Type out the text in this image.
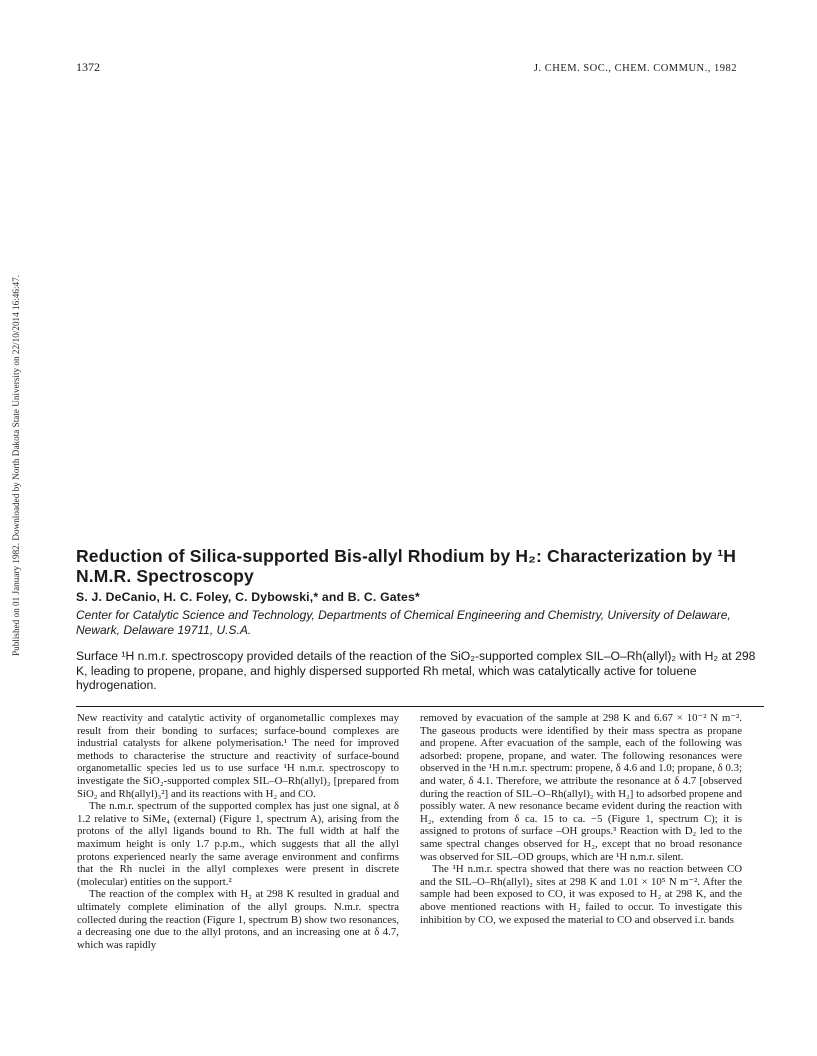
1372	J. CHEM. SOC., CHEM. COMMUN., 1982
Published on 01 January 1982. Downloaded by North Dakota State University on 22/10/2014 16:46:47.	Reduction of Silica-supported Bis-allyl Rhodium by H₂: Characterization by ¹H N.M.R. Spectroscopy
S. J. DeCanio, H. C. Foley, C. Dybowski,* and B. C. Gates*
Center for Catalytic Science and Technology, Departments of Chemical Engineering and Chemistry, University of Delaware, Newark, Delaware 19711, U.S.A.
Surface ¹H n.m.r. spectroscopy provided details of the reaction of the SiO₂-supported complex SIL–O–Rh(allyl)₂ with H₂ at 298 K, leading to propene, propane, and highly dispersed supported Rh metal, which was catalytically active for toluene hydrogenation.

New reactivity and catalytic activity of organometallic complexes may result from their bonding to surfaces; surface-bound complexes are industrial catalysts for alkene polymerisation.¹ The need for improved methods to characterise the structure and reactivity of surface-bound organometallic species led us to use surface ¹H n.m.r. spectroscopy to investigate the SiO₂-supported complex SIL–O–Rh(allyl)₂ [prepared from SiO₂ and Rh(allyl)₃²] and its reactions with H₂ and CO.

The n.m.r. spectrum of the supported complex has just one signal, at δ 1.2 relative to SiMe₄ (external) (Figure 1, spectrum A), arising from the protons of the allyl ligands bound to Rh. The full width at half the maximum height is only 1.7 p.p.m., which suggests that all the allyl protons experienced nearly the same average environment and confirms that the Rh nuclei in the allyl complexes were present in discrete (molecular) entities on the support.²

The reaction of the complex with H₂ at 298 K resulted in gradual and ultimately complete elimination of the allyl groups. N.m.r. spectra collected during the reaction (Figure 1, spectrum B) show two resonances, a decreasing one due to the allyl protons, and an increasing one at δ 4.7, which was rapidly

removed by evacuation of the sample at 298 K and 6.67 × 10⁻² N m⁻². The gaseous products were identified by their mass spectra as propane and propene. After evacuation of the sample, each of the following was adsorbed: propene, propane, and water. The following resonances were observed in the ¹H n.m.r. spectrum: propene, δ 4.6 and 1.0; propane, δ 0.3; and water, δ 4.1. Therefore, we attribute the resonance at δ 4.7 [observed during the reaction of SIL–O–Rh(allyl)₂ with H₂] to adsorbed propene and possibly water. A new resonance became evident during the reaction with H₂, extending from δ ca. 15 to ca. −5 (Figure 1, spectrum C); it is assigned to protons of surface –OH groups.³ Reaction with D₂ led to the same spectral changes observed for H₂, except that no broad resonance was observed for SIL–OD groups, which are ¹H n.m.r. silent.

The ¹H n.m.r. spectra showed that there was no reaction between CO and the SIL–O–Rh(allyl)₂ sites at 298 K and 1.01 × 10⁵ N m⁻². After the sample had been exposed to CO, it was exposed to H₂ at 298 K, and the above mentioned reactions with H₂ failed to occur. To investigate this inhibition by CO, we exposed the material to CO and observed i.r. bands
